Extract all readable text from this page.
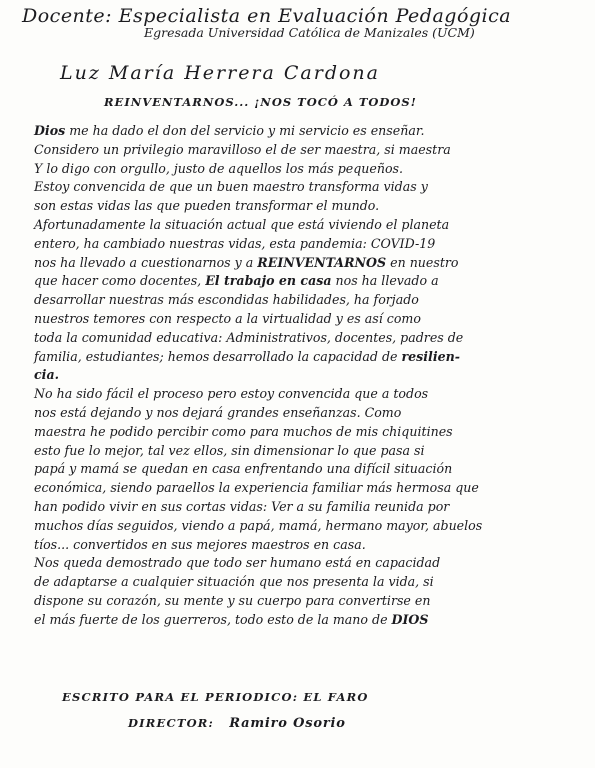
Docente: Especialista en Evaluación Pedagógica
Egresada Universidad Católica de Manizales (UCM)
Luz María Herrera Cardona
REINVENTARNOS... ¡NOS TOCÓ A TODOS!
Dios me ha dado el don del servicio y mi servicio es enseñar.
Considero un privilegio maravilloso el de ser maestra, si maestra
Y lo digo con orgullo, justo de aquellos los más pequeños.
Estoy convencida de que un buen maestro transforma vidas y
son estas vidas las que pueden transformar el mundo.
Afortunadamente la situación actual que está viviendo el planeta
entero, ha cambiado nuestras vidas, esta pandemia: COVID-19
nos ha llevado a cuestionarnos y a REINVENTARNOS en nuestro
que hacer como docentes, El trabajo en casa nos ha llevado a
desarrollar nuestras más escondidas habilidades, ha forjado
nuestros temores con respecto a la virtualidad y es así como
toda la comunidad educativa: Administrativos, docentes, padres de
familia, estudiantes; hemos desarrollado la capacidad de resilien-
cia.
No ha sido fácil el proceso pero estoy convencida que a todos
nos está dejando y nos dejará grandes enseñanzas. Como
maestra he podido percibir como para muchos de mis chiquitines
esto fue lo mejor, tal vez ellos, sin dimensionar lo que pasa si
papá y mamá se quedan en casa enfrentando una difícil situación
económica, siendo paraellos la experiencia familiar más hermosa que
han podido vivir en sus cortas vidas: Ver a su familia reunida por
muchos días seguidos, viendo a papá, mamá, hermano mayor, abuelos
tíos... convertidos en sus mejores maestros en casa.
Nos queda demostrado que todo ser humano está en capacidad
de adaptarse a cualquier situación que nos presenta la vida, si
dispone su corazón, su mente y su cuerpo para convertirse en
el más fuerte de los guerreros, todo esto de la mano de DIOS
ESCRITO PARA EL PERIODICO: EL FARO
DIRECTOR: Ramiro Osorio
